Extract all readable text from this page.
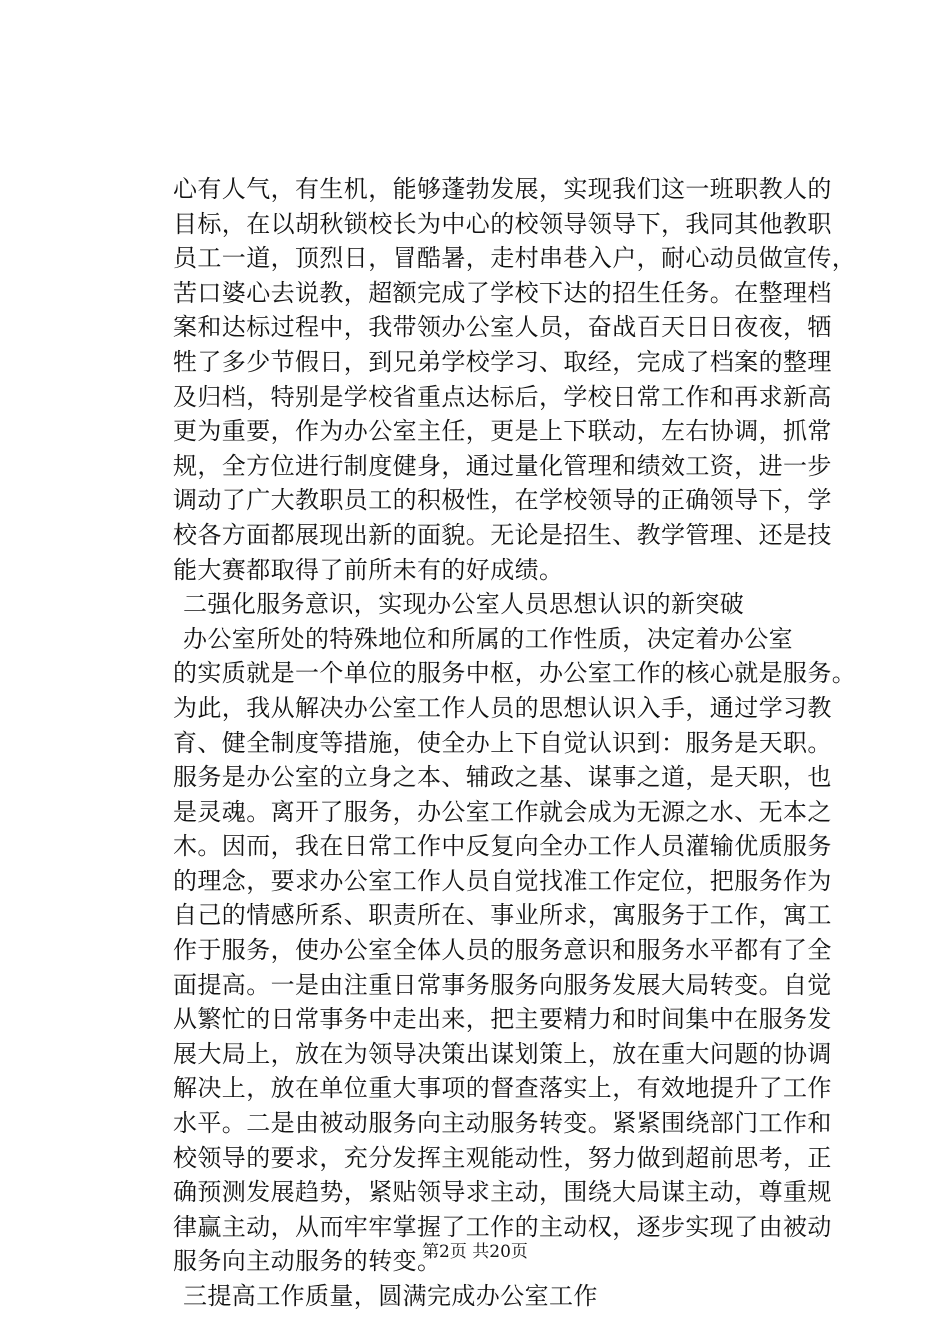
心有人气，有生机，能够蓬勃发展，实现我们这一班职教人的
目标，在以胡秋锁校长为中心的校领导领导下，我同其他教职
员工一道，顶烈日，冒酷暑，走村串巷入户，耐心动员做宣传，
苦口婆心去说教，超额完成了学校下达的招生任务。在整理档
案和达标过程中，我带领办公室人员，奋战百天日日夜夜，牺
牲了多少节假日，到兄弟学校学习、取经，完成了档案的整理
及归档，特别是学校省重点达标后，学校日常工作和再求新高
更为重要，作为办公室主任，更是上下联动，左右协调，抓常
规，全方位进行制度健身，通过量化管理和绩效工资，进一步
调动了广大教职员工的积极性，在学校领导的正确领导下，学
校各方面都展现出新的面貌。无论是招生、教学管理、还是技
能大赛都取得了前所未有的好成绩。
二强化服务意识，实现办公室人员思想认识的新突破
办公室所处的特殊地位和所属的工作性质，决定着办公室
的实质就是一个单位的服务中枢，办公室工作的核心就是服务。
为此，我从解决办公室工作人员的思想认识入手，通过学习教
育、健全制度等措施，使全办上下自觉认识到：服务是天职。
服务是办公室的立身之本、辅政之基、谋事之道，是天职，也
是灵魂。离开了服务，办公室工作就会成为无源之水、无本之
木。因而，我在日常工作中反复向全办工作人员灌输优质服务
的理念，要求办公室工作人员自觉找准工作定位，把服务作为
自己的情感所系、职责所在、事业所求，寓服务于工作，寓工
作于服务，使办公室全体人员的服务意识和服务水平都有了全
面提高。一是由注重日常事务服务向服务发展大局转变。自觉
从繁忙的日常事务中走出来，把主要精力和时间集中在服务发
展大局上，放在为领导决策出谋划策上，放在重大问题的协调
解决上，放在单位重大事项的督查落实上，有效地提升了工作
水平。二是由被动服务向主动服务转变。紧紧围绕部门工作和
校领导的要求，充分发挥主观能动性，努力做到超前思考，正
确预测发展趋势，紧贴领导求主动，围绕大局谋主动，尊重规
律赢主动，从而牢牢掌握了工作的主动权，逐步实现了由被动
服务向主动服务的转变。
三提高工作质量，圆满完成办公室工作
第2页 共20页
